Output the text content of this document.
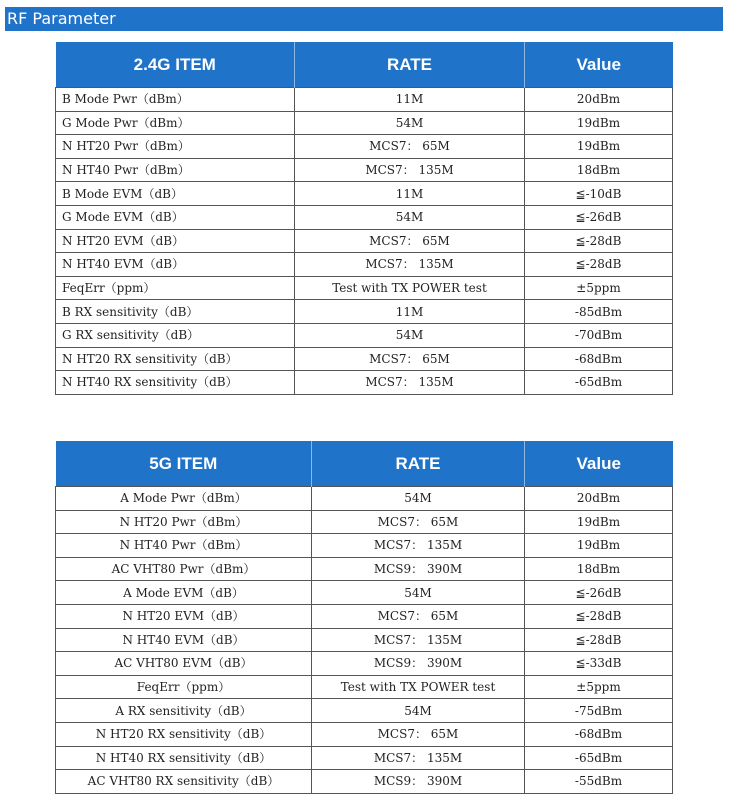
RF Parameter
2.4G ITEM	RATE	Value
B Mode Pwr（dBm）	11M	20dBm
G Mode Pwr（dBm）	54M	19dBm
N HT20 Pwr（dBm）	MCS7： 65M	19dBm
N HT40 Pwr（dBm）	MCS7： 135M	18dBm
B Mode EVM（dB）	11M	≦-10dB
G Mode EVM（dB）	54M	≦-26dB
N HT20 EVM（dB）	MCS7： 65M	≦-28dB
N HT40 EVM（dB）	MCS7： 135M	≦-28dB
FeqErr（ppm）	Test with TX POWER test	±5ppm
B RX sensitivity（dB）	11M	-85dBm
G RX sensitivity（dB）	54M	-70dBm
N HT20 RX sensitivity（dB）	MCS7： 65M	-68dBm
N HT40 RX sensitivity（dB）	MCS7： 135M	-65dBm
5G ITEM	RATE	Value
A Mode Pwr（dBm）	54M	20dBm
N HT20 Pwr（dBm）	MCS7： 65M	19dBm
N HT40 Pwr（dBm）	MCS7： 135M	19dBm
AC VHT80 Pwr（dBm）	MCS9： 390M	18dBm
A Mode EVM（dB）	54M	≦-26dB
N HT20 EVM（dB）	MCS7： 65M	≦-28dB
N HT40 EVM（dB）	MCS7： 135M	≦-28dB
AC VHT80 EVM（dB）	MCS9： 390M	≦-33dB
FeqErr（ppm）	Test with TX POWER test	±5ppm
A RX sensitivity（dB）	54M	-75dBm
N HT20 RX sensitivity（dB）	MCS7： 65M	-68dBm
N HT40 RX sensitivity（dB）	MCS7： 135M	-65dBm
AC VHT80 RX sensitivity（dB）	MCS9： 390M	-55dBm
